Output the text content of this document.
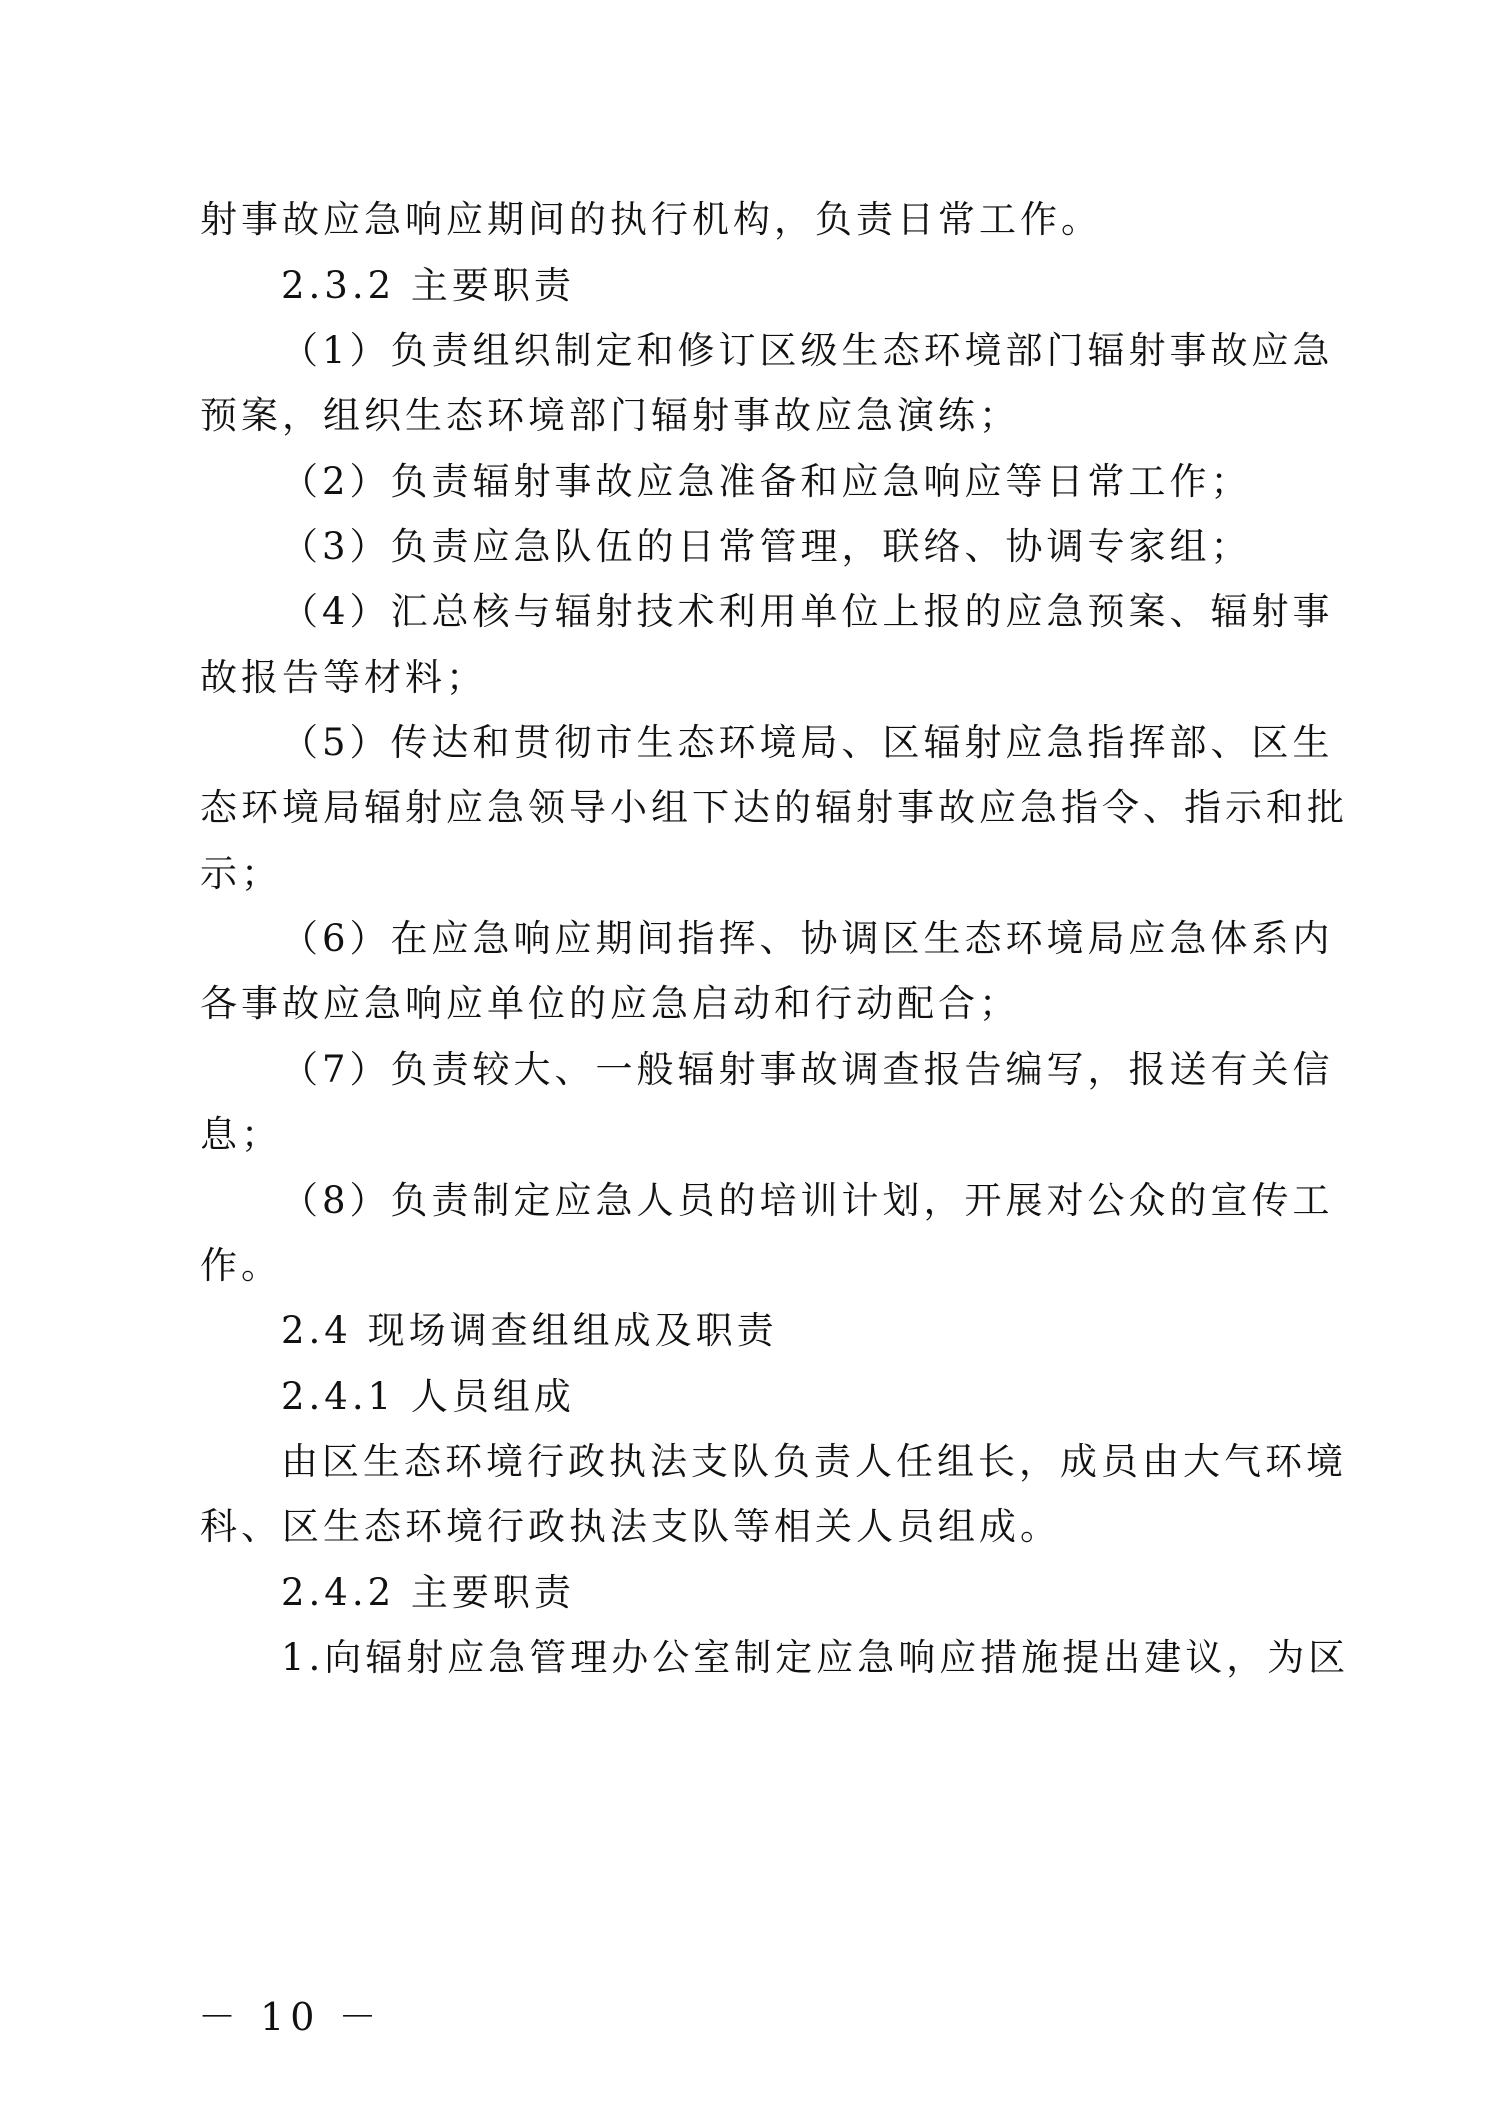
射事故应急响应期间的执行机构，负责日常工作。
2.3.2 主要职责
（1）负责组织制定和修订区级生态环境部门辐射事故应急
预案，组织生态环境部门辐射事故应急演练；
（2）负责辐射事故应急准备和应急响应等日常工作；
（3）负责应急队伍的日常管理，联络、协调专家组；
（4）汇总核与辐射技术利用单位上报的应急预案、辐射事
故报告等材料；
（5）传达和贯彻市生态环境局、区辐射应急指挥部、区生
态环境局辐射应急领导小组下达的辐射事故应急指令、指示和批
示；
（6）在应急响应期间指挥、协调区生态环境局应急体系内
各事故应急响应单位的应急启动和行动配合；
（7）负责较大、一般辐射事故调查报告编写，报送有关信
息；
（8）负责制定应急人员的培训计划，开展对公众的宣传工
作。
2.4 现场调查组组成及职责
2.4.1 人员组成
由区生态环境行政执法支队负责人任组长，成员由大气环境
科、区生态环境行政执法支队等相关人员组成。
2.4.2 主要职责
1.向辐射应急管理办公室制定应急响应措施提出建议，为区
－ 10 －
